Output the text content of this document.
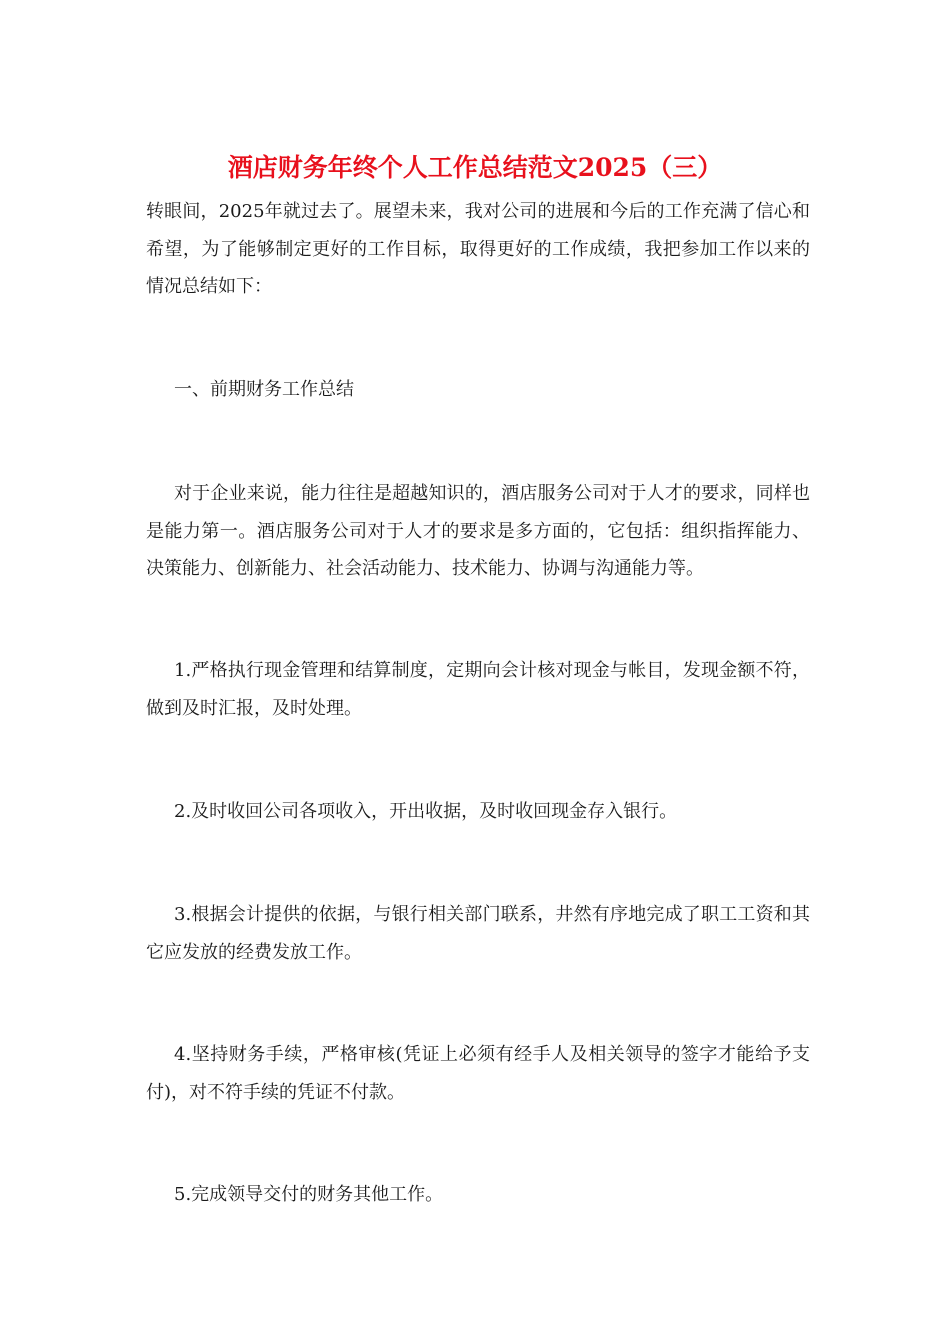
酒店财务年终个人工作总结范文2025（三）

转眼间，2025年就过去了。展望未来，我对公司的进展和今后的工作充满了信心和希望，为了能够制定更好的工作目标，取得更好的工作成绩，我把参加工作以来的情况总结如下：

一、前期财务工作总结

对于企业来说，能力往往是超越知识的，酒店服务公司对于人才的要求，同样也是能力第一。酒店服务公司对于人才的要求是多方面的，它包括：组织指挥能力、决策能力、创新能力、社会活动能力、技术能力、协调与沟通能力等。

1.严格执行现金管理和结算制度，定期向会计核对现金与帐目，发现金额不符，做到及时汇报，及时处理。

2.及时收回公司各项收入，开出收据，及时收回现金存入银行。

3.根据会计提供的依据，与银行相关部门联系，井然有序地完成了职工工资和其它应发放的经费发放工作。

4.坚持财务手续，严格审核(凭证上必须有经手人及相关领导的签字才能给予支付)，对不符手续的凭证不付款。

5.完成领导交付的财务其他工作。
